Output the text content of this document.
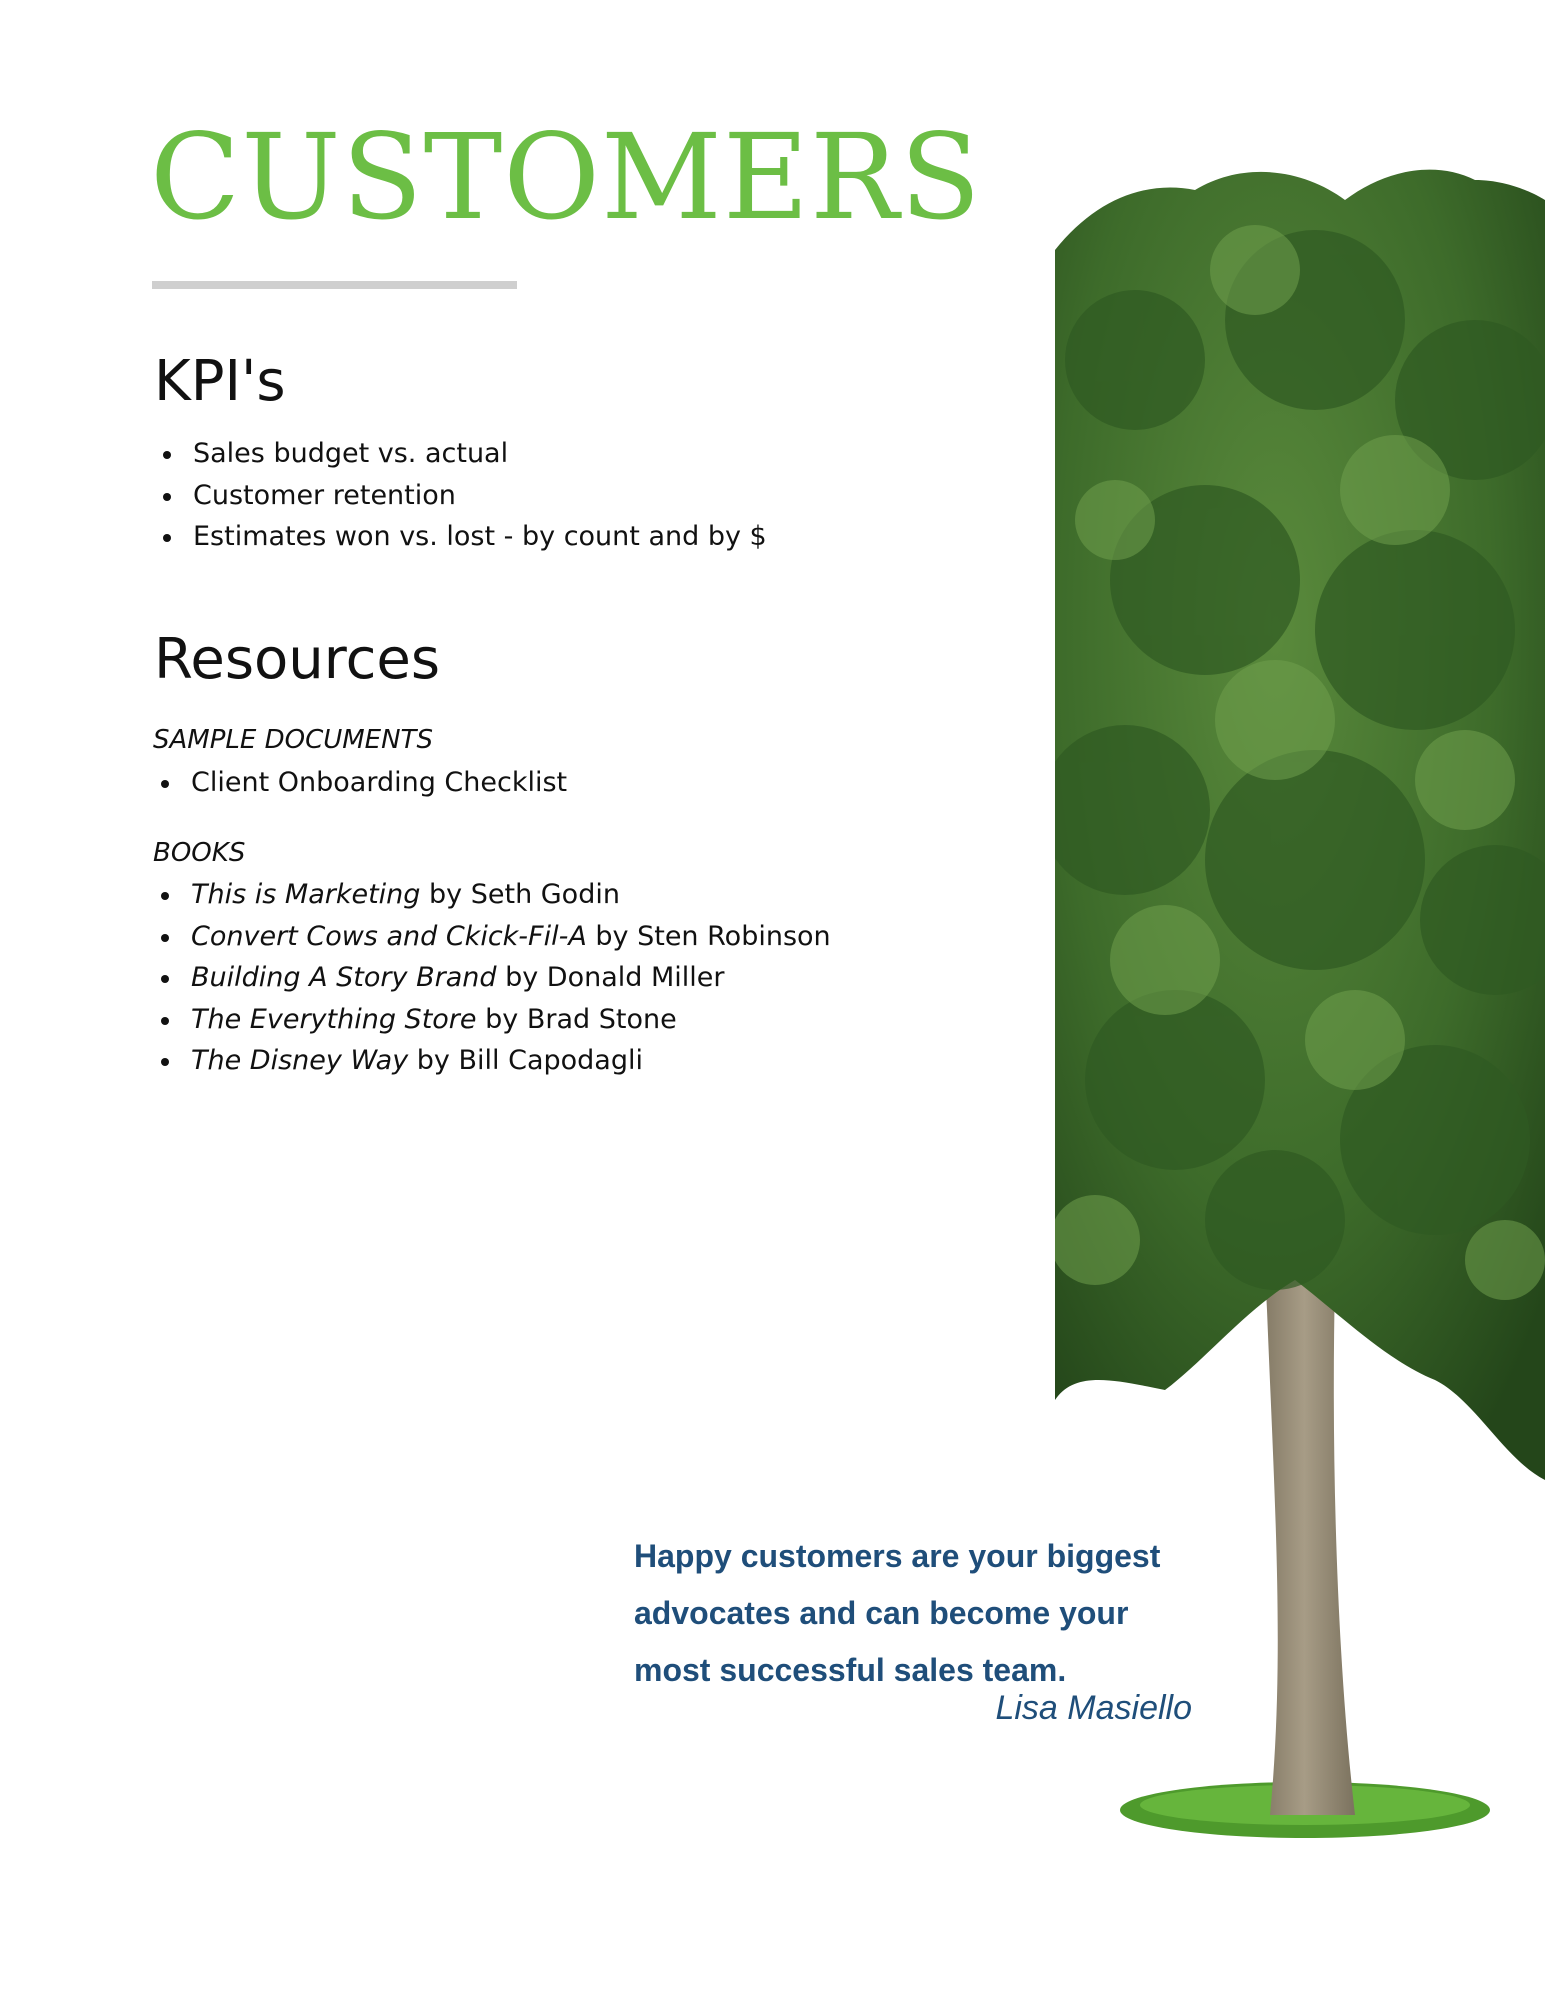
CUSTOMERS
KPI's
Sales budget vs. actual
Customer retention
Estimates won vs. lost - by count and by $
Resources

SAMPLE DOCUMENTS

Client Onboarding Checklist

BOOKS

This is Marketing by Seth Godin
Convert Cows and Ckick-Fil-A by Sten Robinson
Building A Story Brand by Donald Miller
The Everything Store by Brad Stone
The Disney Way by Bill Capodagli

Happy customers are your biggest
advocates and can become your
most successful sales team.

Lisa Masiello
